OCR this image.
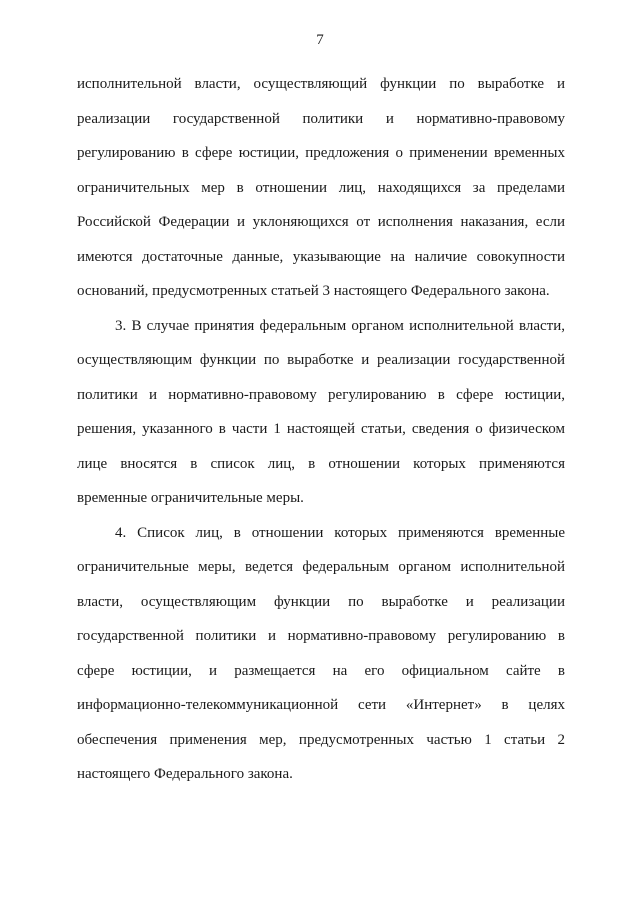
7
исполнительной власти, осуществляющий функции по выработке и
реализации государственной политики и нормативно-правовому
регулированию в сфере юстиции, предложения о применении временных
ограничительных мер в отношении лиц, находящихся за пределами
Российской Федерации и уклоняющихся от исполнения наказания, если
имеются достаточные данные, указывающие на наличие совокупности
оснований, предусмотренных статьей 3 настоящего Федерального закона.
3. В случае принятия федеральным органом исполнительной власти,
осуществляющим функции по выработке и реализации государственной
политики и нормативно-правовому регулированию в сфере юстиции,
решения, указанного в части 1 настоящей статьи, сведения о физическом
лице вносятся в список лиц, в отношении которых применяются
временные ограничительные меры.
4. Список лиц, в отношении которых применяются временные
ограничительные меры, ведется федеральным органом исполнительной
власти, осуществляющим функции по выработке и реализации
государственной политики и нормативно-правовому регулированию в
сфере юстиции, и размещается на его официальном сайте в
информационно-телекоммуникационной сети «Интернет» в целях
обеспечения применения мер, предусмотренных частью 1 статьи 2
настоящего Федерального закона.
